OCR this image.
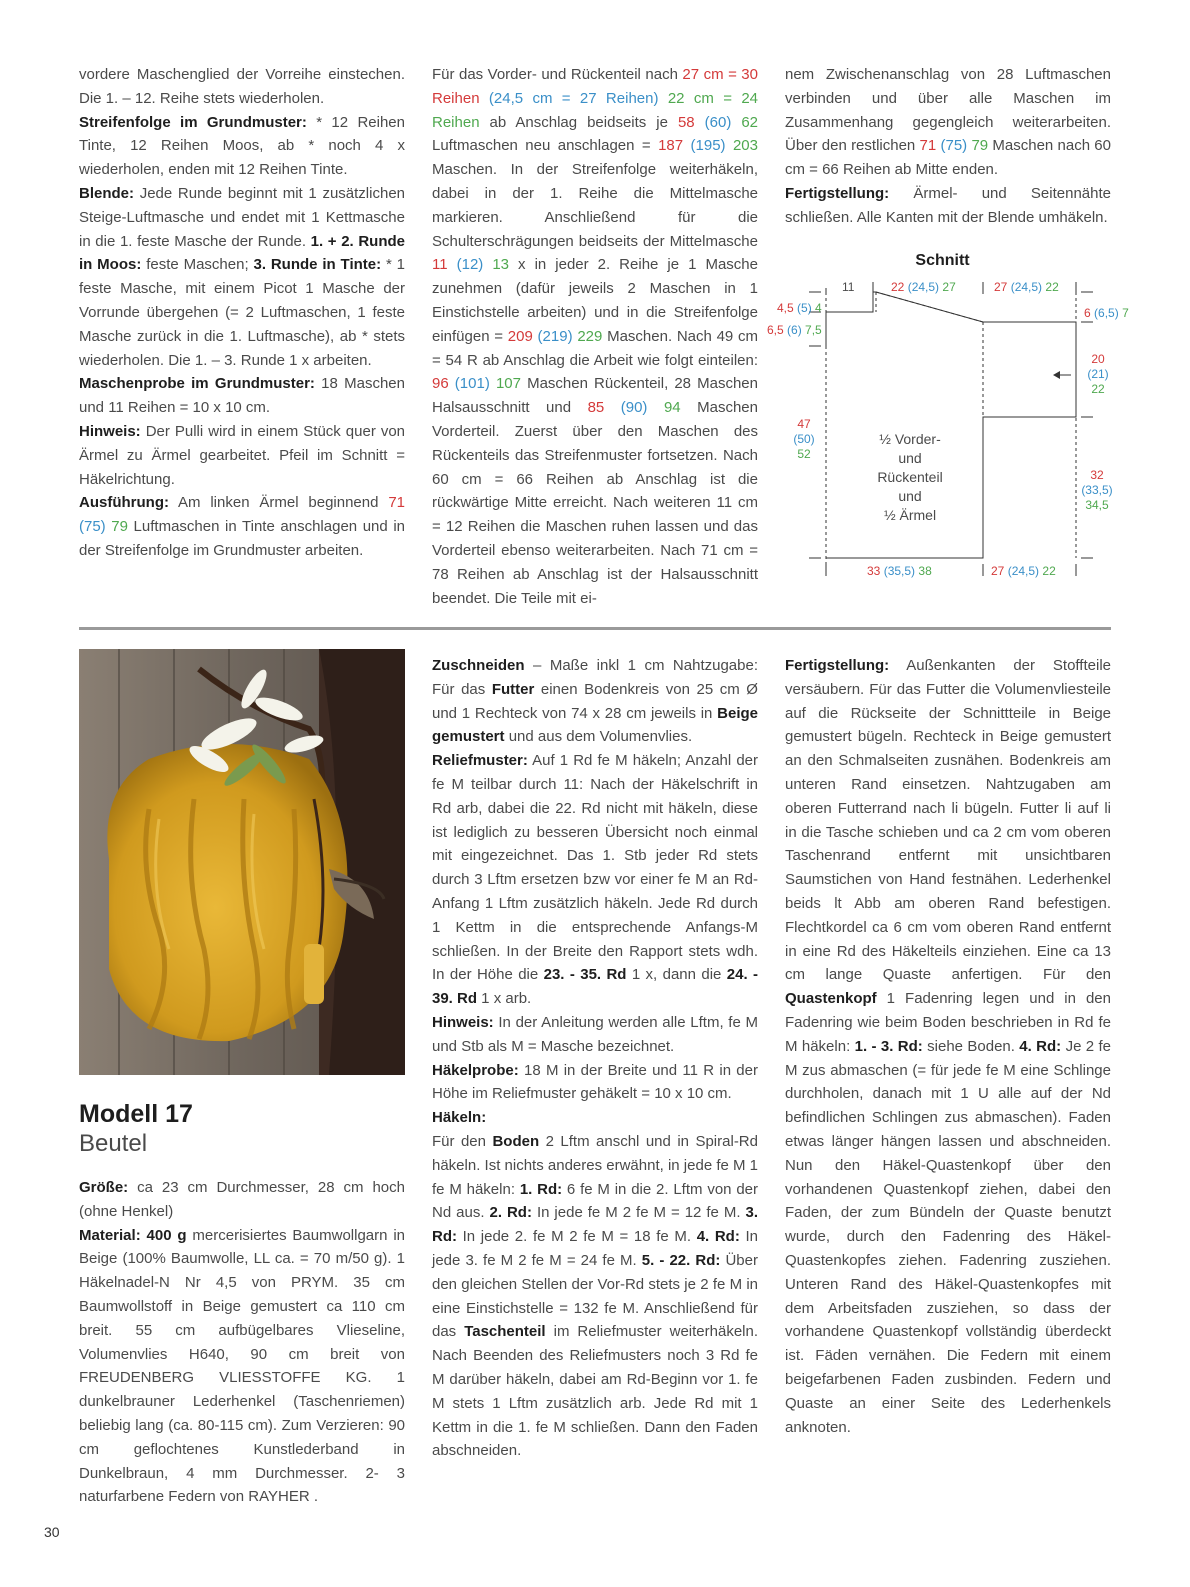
vordere Maschenglied der Vorreihe einstechen. Die 1. – 12. Reihe stets wiederholen.

Streifenfolge im Grundmuster: * 12 Reihen Tinte, 12 Reihen Moos, ab * noch 4 x wiederholen, enden mit 12 Reihen Tinte.

Blende: Jede Runde beginnt mit 1 zusätzlichen Steige-Luftmasche und endet mit 1 Kettmasche in die 1. feste Masche der Runde. 1. + 2. Runde in Moos: feste Maschen; 3. Runde in Tinte: * 1 feste Masche, mit einem Picot 1 Masche der Vorrunde übergehen (= 2 Luftmaschen, 1 feste Masche zurück in die 1. Luftmasche), ab * stets wiederholen. Die 1. – 3. Runde 1 x arbeiten.

Maschenprobe im Grundmuster: 18 Maschen und 11 Reihen = 10 x 10 cm.

Hinweis: Der Pulli wird in einem Stück quer von Ärmel zu Ärmel gearbeitet. Pfeil im Schnitt = Häkelrichtung.

Ausführung: Am linken Ärmel beginnend 71 (75) 79 Luftmaschen in Tinte anschlagen und in der Streifenfolge im Grundmuster arbeiten.

Für das Vorder- und Rückenteil nach 27 cm = 30 Reihen (24,5 cm = 27 Reihen) 22 cm = 24 Reihen ab Anschlag beidseits je 58 (60) 62 Luftmaschen neu anschlagen = 187 (195) 203 Maschen. In der Streifenfolge weiterhäkeln, dabei in der 1. Reihe die Mittelmasche markieren. Anschließend für die Schulterschrägungen beidseits der Mittelmasche 11 (12) 13 x in jeder 2. Reihe je 1 Masche zunehmen (dafür jeweils 2 Maschen in 1 Einstichstelle arbeiten) und in die Streifenfolge einfügen = 209 (219) 229 Maschen. Nach 49 cm = 54 R ab Anschlag die Arbeit wie folgt einteilen: 96 (101) 107 Maschen Rückenteil, 28 Maschen Halsausschnitt und 85 (90) 94 Maschen Vorderteil. Zuerst über den Maschen des Rückenteils das Streifenmuster fortsetzen. Nach 60 cm = 66 Reihen ab Anschlag ist die rückwärtige Mitte erreicht. Nach weiteren 11 cm = 12 Reihen die Maschen ruhen lassen und das Vorderteil ebenso weiterarbeiten. Nach 71 cm = 78 Reihen ab Anschlag ist der Halsausschnitt beendet. Die Teile mit ei-

nem Zwischenanschlag von 28 Luftmaschen verbinden und über alle Maschen im Zusammenhang gegengleich weiterarbeiten. Über den restlichen 71 (75) 79 Maschen nach 60 cm = 66 Reihen ab Mitte enden.

Fertigstellung: Ärmel- und Seitennähte schließen. Alle Kanten mit der Blende umhäkeln.

Schnitt
11	22 (24,5) 27	27 (24,5) 22
4,5 (5) 4
6,5 (6) 7,5
6 (6,5) 7
20
(21)
22
47
(50)
52
32
(33,5)
34,5
33 (35,5) 38	27 (24,5) 22
½ Vorder-
und
Rückenteil
und
½ Ärmel
Modell 17
Beutel

Größe: ca 23 cm Durchmesser, 28 cm hoch (ohne Henkel)

Material: 400 g mercerisiertes Baumwollgarn in Beige (100% Baumwolle, LL ca. = 70 m/50 g). 1 Häkelnadel-N Nr 4,5 von PRYM. 35 cm Baumwollstoff in Beige gemustert ca 110 cm breit. 55 cm aufbügelbares Vlieseline, Volumenvlies H640, 90 cm breit von FREUDENBERG VLIESSTOFFE KG. 1 dunkelbrauner Lederhenkel (Taschenriemen) beliebig lang (ca. 80-115 cm). Zum Verzieren: 90 cm geflochtenes Kunstlederband in Dunkelbraun, 4 mm Durchmesser. 2- 3 naturfarbene Federn von RAYHER .

Zuschneiden – Maße inkl 1 cm Nahtzugabe: Für das Futter einen Bodenkreis von 25 cm Ø und 1 Rechteck von 74 x 28 cm jeweils in Beige gemustert und aus dem Volumenvlies.

Reliefmuster: Auf 1 Rd fe M häkeln; Anzahl der fe M teilbar durch 11: Nach der Häkelschrift in Rd arb, dabei die 22. Rd nicht mit häkeln, diese ist lediglich zu besseren Übersicht noch einmal mit eingezeichnet. Das 1. Stb jeder Rd stets durch 3 Lftm ersetzen bzw vor einer fe M an Rd-Anfang 1 Lftm zusätzlich häkeln. Jede Rd durch 1 Kettm in die entsprechende Anfangs-M schließen. In der Breite den Rapport stets wdh. In der Höhe die 23. - 35. Rd 1 x, dann die 24. - 39. Rd 1 x arb.

Hinweis: In der Anleitung werden alle Lftm, fe M und Stb als M = Masche bezeichnet.

Häkelprobe: 18 M in der Breite und 11 R in der Höhe im Reliefmuster gehäkelt = 10 x 10 cm.

Häkeln:

Für den Boden 2 Lftm anschl und in Spiral-Rd häkeln. Ist nichts anderes erwähnt, in jede fe M 1 fe M häkeln: 1. Rd: 6 fe M in die 2. Lftm von der Nd aus. 2. Rd: In jede fe M 2 fe M = 12 fe M. 3. Rd: In jede 2. fe M 2 fe M = 18 fe M. 4. Rd: In jede 3. fe M 2 fe M = 24 fe M. 5. - 22. Rd: Über den gleichen Stellen der Vor-Rd stets je 2 fe M in eine Einstichstelle = 132 fe M. Anschließend für das Taschenteil im Reliefmuster weiterhäkeln. Nach Beenden des Reliefmusters noch 3 Rd fe M darüber häkeln, dabei am Rd-Beginn vor 1. fe M stets 1 Lftm zusätzlich arb. Jede Rd mit 1 Kettm in die 1. fe M schließen. Dann den Faden abschneiden.

Fertigstellung: Außenkanten der Stoffteile versäubern. Für das Futter die Volumenvliesteile auf die Rückseite der Schnittteile in Beige gemustert bügeln. Rechteck in Beige gemustert an den Schmalseiten zusnähen. Bodenkreis am unteren Rand einsetzen. Nahtzugaben am oberen Futterrand nach li bügeln. Futter li auf li in die Tasche schieben und ca 2 cm vom oberen Taschenrand entfernt mit unsichtbaren Saumstichen von Hand festnähen. Lederhenkel beids lt Abb am oberen Rand befestigen. Flechtkordel ca 6 cm vom oberen Rand entfernt in eine Rd des Häkelteils einziehen. Eine ca 13 cm lange Quaste anfertigen. Für den Quastenkopf 1 Fadenring legen und in den Fadenring wie beim Boden beschrieben in Rd fe M häkeln: 1. - 3. Rd: siehe Boden. 4. Rd: Je 2 fe M zus abmaschen (= für jede fe M eine Schlinge durchholen, danach mit 1 U alle auf der Nd befindlichen Schlingen zus abmaschen). Faden etwas länger hängen lassen und abschneiden. Nun den Häkel-Quastenkopf über den vorhandenen Quastenkopf ziehen, dabei den Faden, der zum Bündeln der Quaste benutzt wurde, durch den Fadenring des Häkel-Quastenkopfes ziehen. Fadenring zusziehen. Unteren Rand des Häkel-Quastenkopfes mit dem Arbeitsfaden zusziehen, so dass der vorhandene Quastenkopf vollständig überdeckt ist. Fäden vernähen. Die Federn mit einem beigefarbenen Faden zusbinden. Federn und Quaste an einer Seite des Lederhenkels anknoten.

30
